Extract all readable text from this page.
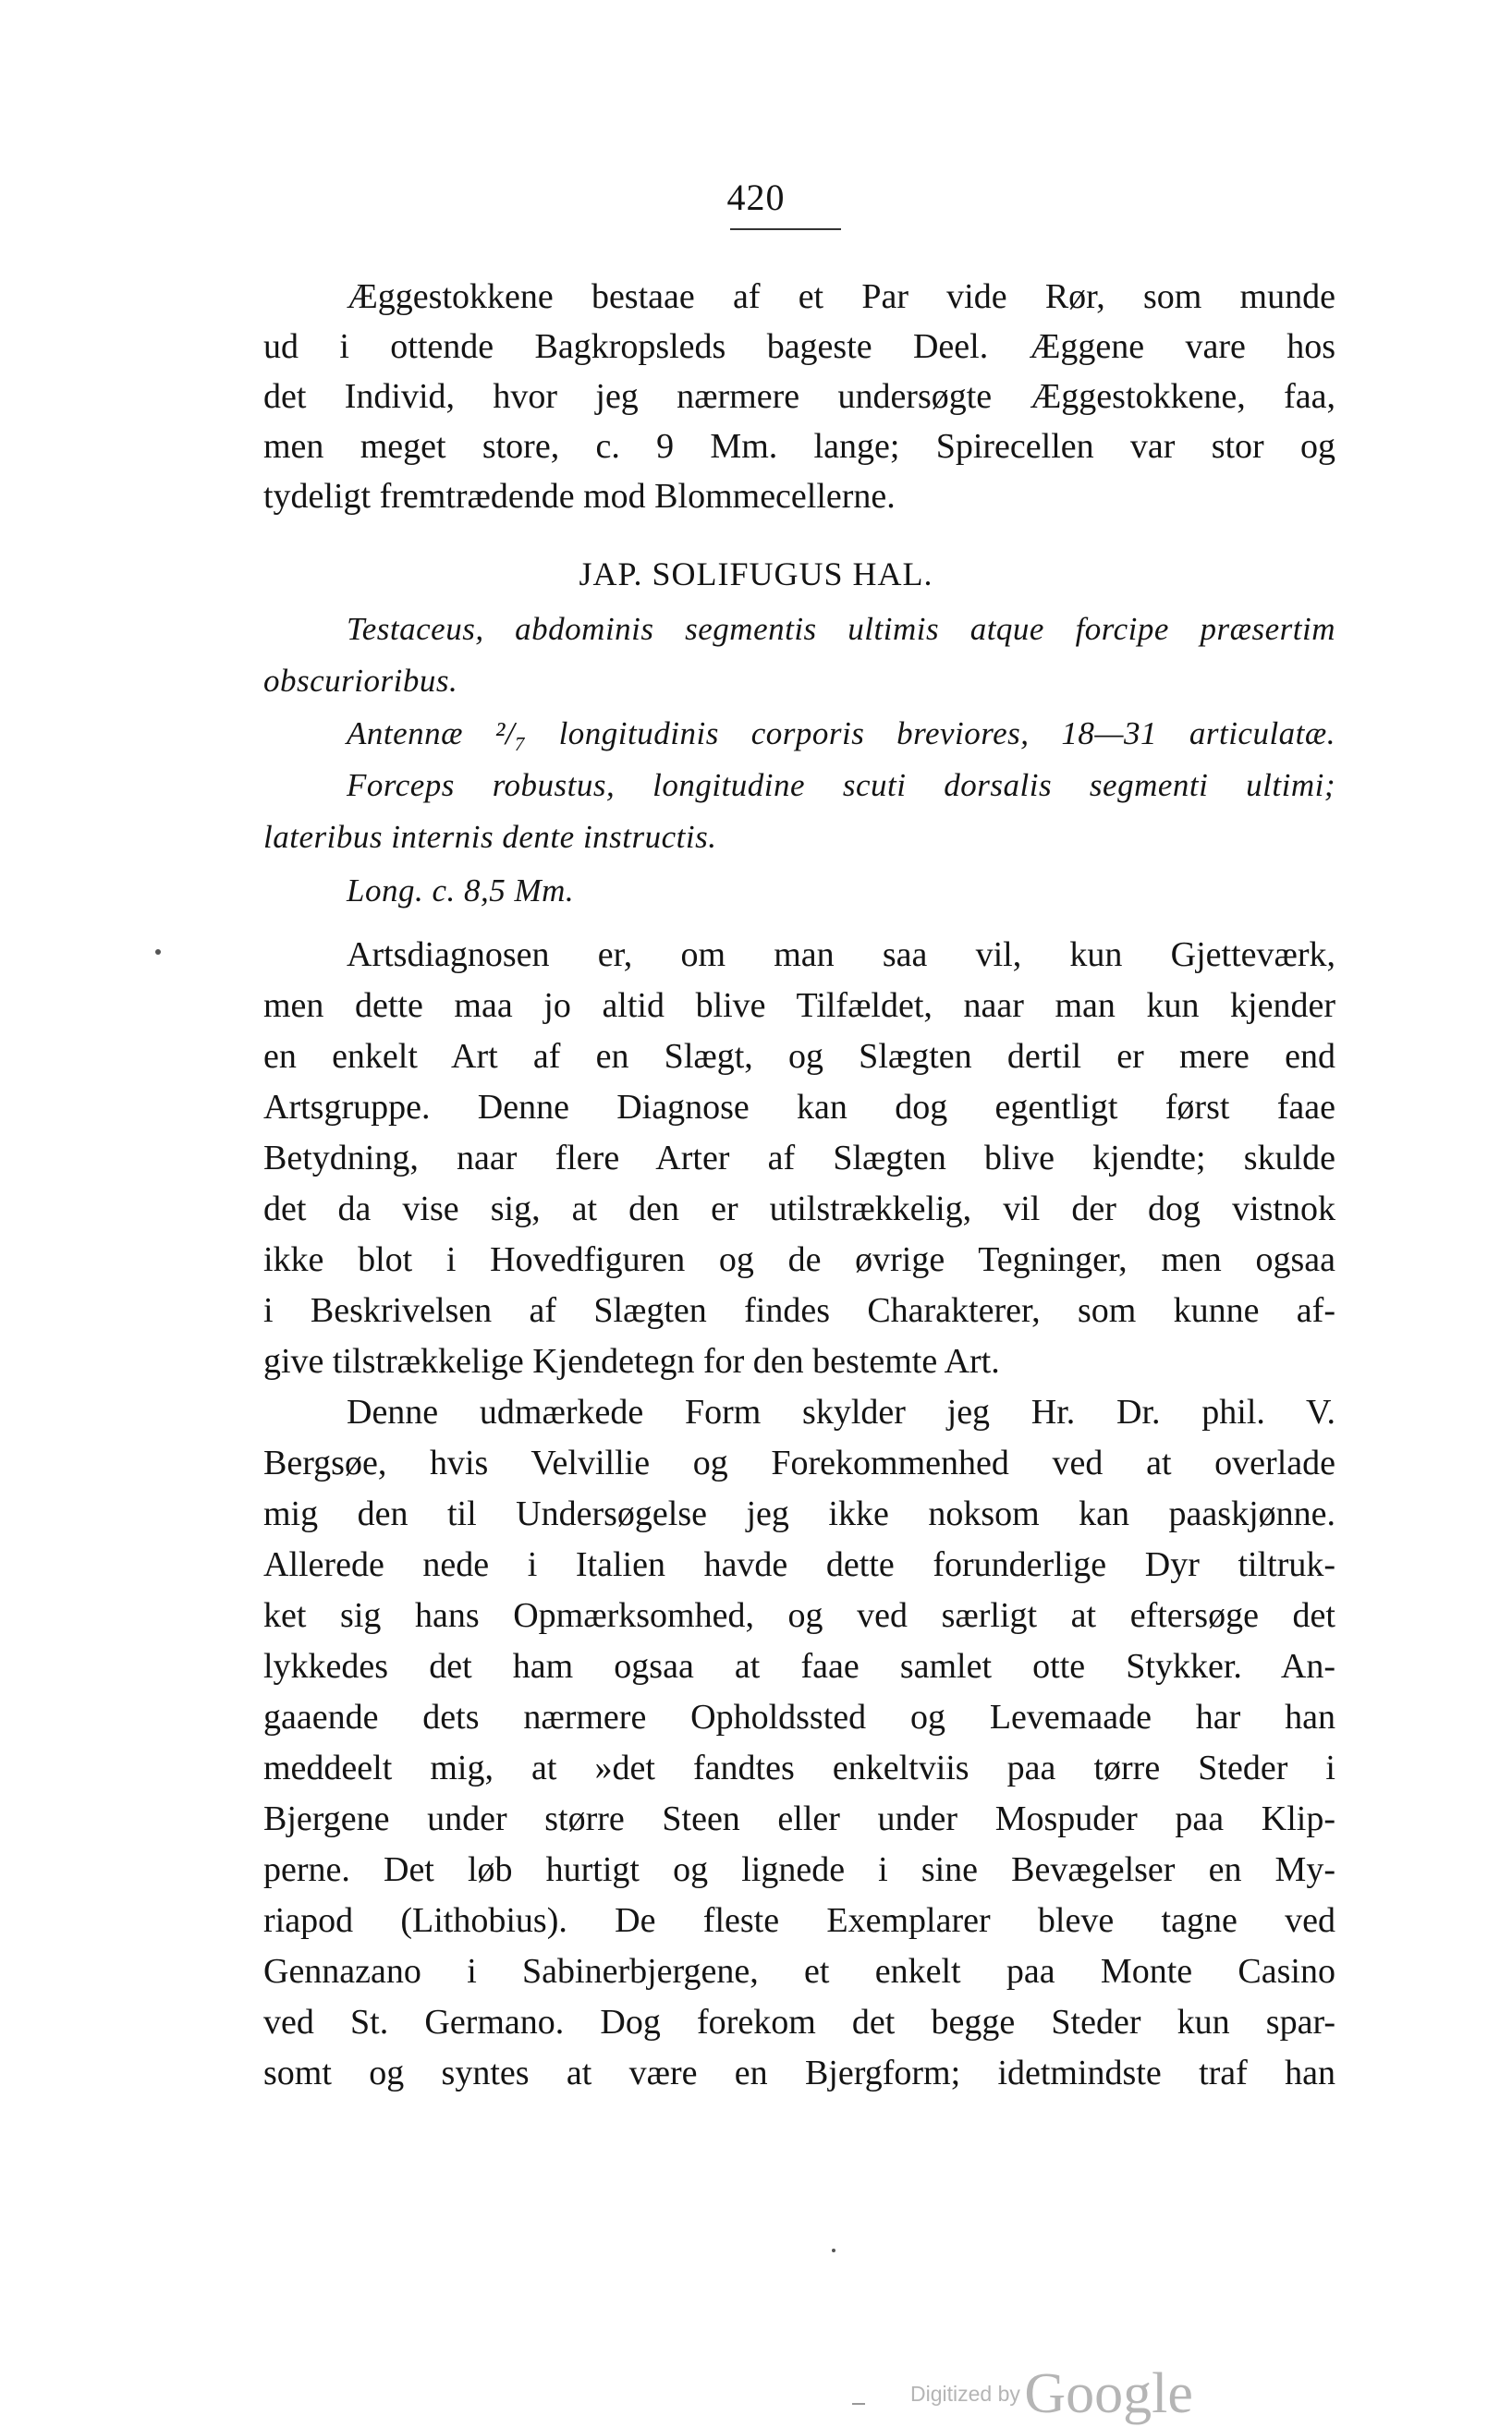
420
Æggestokkene bestaae af et Par vide Rør, som munde
ud i ottende Bagkropsleds bageste Deel. Æggene vare hos
det Individ, hvor jeg nærmere undersøgte Æggestokkene, faa,
men meget store, c. 9 Mm. lange; Spirecellen var stor og
tydeligt fremtrædende mod Blommecellerne.
JAP. SOLIFUGUS HAL.
Testaceus, abdominis segmentis ultimis atque forcipe præsertim
obscurioribus.
Antennæ ²/₇ longitudinis corporis breviores, 18—31 articulatæ.
Forceps robustus, longitudine scuti dorsalis segmenti ultimi;
lateribus internis dente instructis.
Long. c. 8,5 Mm.
Artsdiagnosen er, om man saa vil, kun Gjetteværk,
men dette maa jo altid blive Tilfældet, naar man kun kjender
en enkelt Art af en Slægt, og Slægten dertil er mere end
Artsgruppe. Denne Diagnose kan dog egentligt først faae
Betydning, naar flere Arter af Slægten blive kjendte; skulde
det da vise sig, at den er utilstrækkelig, vil der dog vistnok
ikke blot i Hovedfiguren og de øvrige Tegninger, men ogsaa
i Beskrivelsen af Slægten findes Charakterer, som kunne af-
give tilstrækkelige Kjendetegn for den bestemte Art.
Denne udmærkede Form skylder jeg Hr. Dr. phil. V.
Bergsøe, hvis Velvillie og Forekommenhed ved at overlade
mig den til Undersøgelse jeg ikke noksom kan paaskjønne.
Allerede nede i Italien havde dette forunderlige Dyr tiltruk-
ket sig hans Opmærksomhed, og ved særligt at eftersøge det
lykkedes det ham ogsaa at faae samlet otte Stykker. An-
gaaende dets nærmere Opholdssted og Levemaade har han
meddeelt mig, at »det fandtes enkeltviis paa tørre Steder i
Bjergene under større Steen eller under Mospuder paa Klip-
perne. Det løb hurtigt og lignede i sine Bevægelser en My-
riapod (Lithobius). De fleste Exemplarer bleve tagne ved
Gennazano i Sabinerbjergene, et enkelt paa Monte Casino
ved St. Germano. Dog forekom det begge Steder kun spar-
somt og syntes at være en Bjergform; idetmindste traf han
Digitized by Google
